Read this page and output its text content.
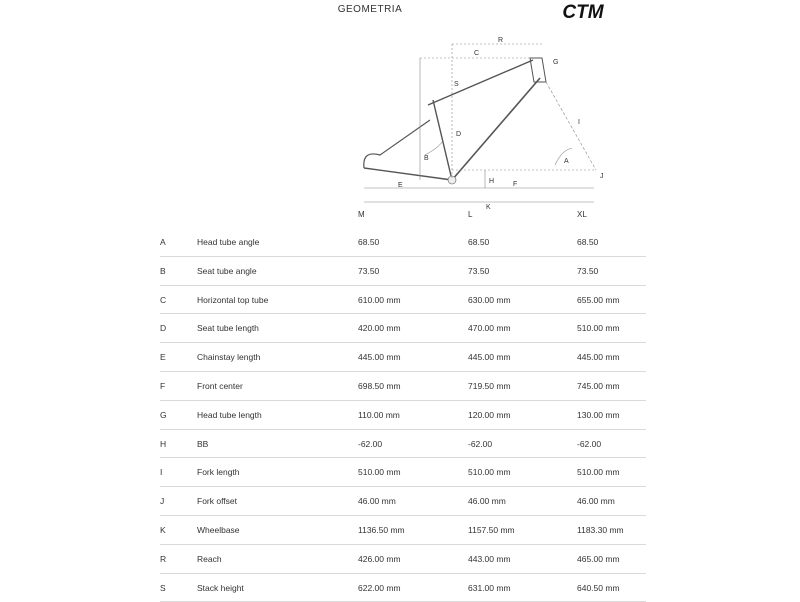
GEOMETRIA	CTM
R
C
S
G
D
I
B	A
H
J
E	F
K
M	L	XL
A	Head tube angle	68.50	68.50	68.50
B	Seat tube angle	73.50	73.50	73.50
C	Horizontal top tube	610.00 mm	630.00 mm	655.00 mm
D	Seat tube length	420.00 mm	470.00 mm	510.00 mm
E	Chainstay length	445.00 mm	445.00 mm	445.00 mm
F	Front center	698.50 mm	719.50 mm	745.00 mm
G	Head tube length	110.00 mm	120.00 mm	130.00 mm
H	BB	-62.00	-62.00	-62.00
I	Fork length	510.00 mm	510.00 mm	510.00 mm
J	Fork offset	46.00 mm	46.00 mm	46.00 mm
K	Wheelbase	1136.50 mm	1157.50 mm	1183.30 mm
R	Reach	426.00 mm	443.00 mm	465.00 mm
S	Stack height	622.00 mm	631.00 mm	640.50 mm
